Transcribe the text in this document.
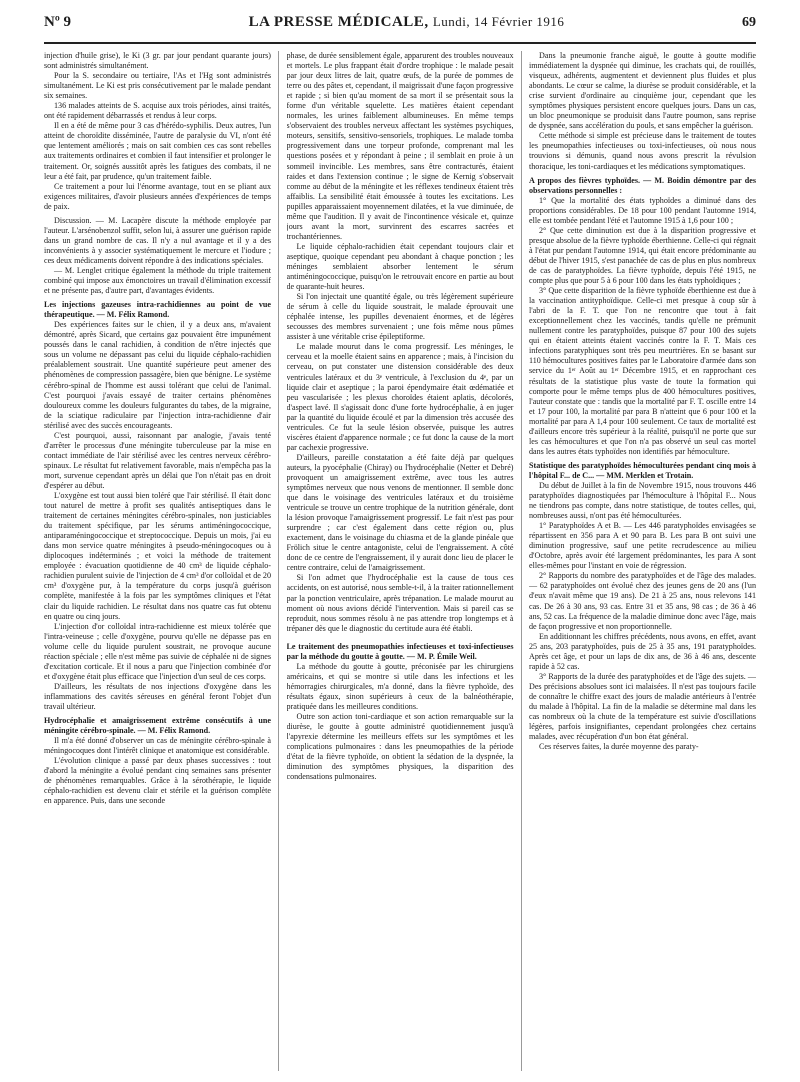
Nº 9	LA PRESSE MÉDICALE, Lundi, 14 Février 1916	69

injection d'huile grise), le Ki (3 gr. par jour pendant quarante jours) sont administrés simultanément.

Pour la S. secondaire ou tertiaire, l'As et l'Hg sont administrés simultanément. Le Ki est pris consécutivement par le malade pendant six semaines.

136 malades atteints de S. acquise aux trois périodes, ainsi traités, ont été rapidement débarrassés et rendus à leur corps.

Il en a été de même pour 3 cas d'hérédo-syphilis. Deux autres, l'un atteint de choroïdite disséminée, l'autre de paralysie du VI, n'ont été que lentement améliorés ; mais on sait combien ces cas sont rebelles aux traitements ordinaires et combien il faut intensifier et prolonger le traitement. Or, soignés aussitôt après les fatigues des combats, il ne leur a été fait, par prudence, qu'un traitement faible.

Ce traitement a pour lui l'énorme avantage, tout en se pliant aux exigences militaires, d'avoir plusieurs années d'expériences de temps de paix.

Discussion. — M. Lacapère discute la méthode employée par l'auteur. L'arsénobenzol suffit, selon lui, à assurer une guérison rapide dans un grand nombre de cas. Il n'y a nul avantage et il y a des inconvénients à y associer systématiquement le mercure et l'iodure ; ces deux médicaments doivent répondre à des indications spéciales.

— M. Lenglet critique également la méthode du triple traitement combiné qui impose aux émonctoires un travail d'élimination excessif et ne présente pas, d'autre part, d'avantages évidents.

Les injections gazeuses intra-rachidiennes au point de vue thérapeutique. — M. Félix Ramond.

Des expériences faites sur le chien, il y a deux ans, m'avaient démontré, après Sicard, que certains gaz pouvaient être impunément poussés dans le canal rachidien, à condition de n'être injectés que sous un volume ne dépassant pas celui du liquide céphalo-rachidien préalablement soustrait. Une quantité supérieure peut amener des phénomènes de compression passagère, bien que bénigne. Le système cérébro-spinal de l'homme est aussi tolérant que celui de l'animal. C'est pourquoi j'avais essayé de traiter certains phénomènes douloureux comme les douleurs fulgurantes du tabes, de la migraine, de la sciatique radiculaire par l'injection intra-rachidienne d'air stérilisé avec des succès encourageants.

C'est pourquoi, aussi, raisonnant par analogie, j'avais tenté d'arrêter le processus d'une méningite tuberculeuse par la mise en contact immédiate de l'air stérilisé avec les centres nerveux cérébro-spinaux. Le résultat fut relativement favorable, mais n'empêcha pas la mort, survenue cependant après un délai que l'on n'était pas en droit d'espérer au début.

L'oxygène est tout aussi bien toléré que l'air stérilisé. Il était donc tout naturel de mettre à profit ses qualités antiseptiques dans le traitement de certaines méningites cérébro-spinales, non justiciables du traitement spécifique, par les sérums antiméningococcique, antiparaméningococcique et streptococcique. Depuis un mois, j'ai eu dans mon service quatre méningites à pseudo-méningocoques ou à diplocoques indéterminés ; et voici la méthode de traitement employée : évacuation quotidienne de 40 cm³ de liquide céphalo-rachidien purulent suivie de l'injection de 4 cm³ d'or colloïdal et de 20 cm³ d'oxygène pur, à la température du corps jusqu'à guérison complète, manifestée à la fois par les symptômes cliniques et l'état clair du liquide rachidien. Le résultat dans nos quatre cas fut obtenu en quatre ou cinq jours.

L'injection d'or colloïdal intra-rachidienne est mieux tolérée que l'intra-veineuse ; celle d'oxygène, pourvu qu'elle ne dépasse pas en volume celle du liquide purulent soustrait, ne provoque aucune réaction spéciale ; elle n'est même pas suivie de céphalée ni de signes d'excitation corticale. Et il nous a paru que l'injection combinée d'or et d'oxygène était plus efficace que l'injection d'un seul de ces corps.

D'ailleurs, les résultats de nos injections d'oxygène dans les inflammations des cavités séreuses en général feront l'objet d'un travail ultérieur.

Hydrocéphalie et amaigrissement extrême consécutifs à une méningite cérébro-spinale. — M. Félix Ramond.

Il m'a été donné d'observer un cas de méningite cérébro-spinale à méningocoques dont l'intérêt clinique et anatomique est considérable.

L'évolution clinique a passé par deux phases successives : tout d'abord la méningite a évolué pendant cinq semaines sans présenter de phénomènes remarquables. Grâce à la sérothérapie, le liquide céphalo-rachidien est devenu clair et stérile et la guérison complète en apparence. Puis, dans une seconde

phase, de durée sensiblement égale, apparurent des troubles nouveaux et mortels. Le plus frappant était d'ordre trophique : le malade pesait par jour deux litres de lait, quatre œufs, de la purée de pommes de terre ou des pâtes et, cependant, il maigrissait d'une façon progressive et rapide ; si bien qu'au moment de sa mort il se présentait sous la forme d'un véritable squelette. Les matières étaient cependant normales, les urines faiblement albumineuses. En même temps s'observaient des troubles nerveux affectant les systèmes psychiques, moteurs, sensitifs, sensitivo-sensoriels, trophiques. Le malade tomba progressivement dans une torpeur profonde, comprenant mal les questions posées et y répondant à peine ; il semblait en proie à un sommeil invincible. Les membres, sans être contracturés, étaient raides et dans l'extension continue ; le signe de Kernig s'observait comme au début de la méningite et les réflexes tendineux étaient très affaiblis. La sensibilité était émoussée à toutes les excitations. Les pupilles apparaissaient moyennement dilatées, et la vue diminuée, de même que l'audition. Il y avait de l'incontinence vésicale et, quinze jours avant la mort, survinrent des escarres sacrées et trochantériennes.

Le liquide céphalo-rachidien était cependant toujours clair et aseptique, quoique cependant peu abondant à chaque ponction ; les méninges semblaient absorber lentement le sérum antiméningococcique, puisqu'on le retrouvait encore en partie au bout de quarante-huit heures.

Si l'on injectait une quantité égale, ou très légèrement supérieure de sérum à celle du liquide soustrait, le malade éprouvait une céphalée intense, les pupilles devenaient énormes, et de légères secousses des membres survenaient ; une fois même nous pûmes assister à une véritable crise épileptiforme.

Le malade mourut dans le coma progressif. Les méninges, le cerveau et la moelle étaient sains en apparence ; mais, à l'incision du cerveau, on put constater une distension considérable des deux ventricules latéraux et du 3ᵉ ventricule, à l'exclusion du 4ᵉ, par un liquide clair et aseptique ; la paroi épendymaire était œdématiée et peu vascularisée ; les plexus choroïdes étaient aplatis, décolorés, d'aspect lavé. Il s'agissait donc d'une forte hydrocéphalie, à en juger par la quantité du liquide écoulé et par la dimension très accusée des ventricules. Ce fut la seule lésion observée, puisque les autres viscères étaient d'apparence normale ; ce fut donc la cause de la mort par cachexie progressive.

D'ailleurs, pareille constatation a été faite déjà par quelques auteurs, la pyocéphalie (Chiray) ou l'hydrocéphalie (Netter et Debré) provoquent un amaigrissement extrême, avec tous les autres symptômes nerveux que nous venons de mentionner. Il semble donc que dans le voisinage des ventricules latéraux et du troisième ventricule se trouve un centre trophique de la nutrition générale, dont la lésion provoque l'amaigrissement progressif. Le fait n'est pas pour surprendre ; car c'est également dans cette région ou, plus exactement, dans le voisinage du chiasma et de la glande pinéale que Frölich situe le centre antagoniste, celui de l'engraissement. A côté donc de ce centre de l'engraissement, il y aurait donc lieu de placer le centre contraire, celui de l'amaigrissement.

Si l'on admet que l'hydrocéphalie est la cause de tous ces accidents, on est autorisé, nous semble-t-il, à la traiter rationnellement par la ponction ventriculaire, après trépanation. Le malade mourut au moment où nous avions décidé l'intervention. Mais si pareil cas se reproduit, nous sommes résolu à ne pas attendre trop longtemps et à trépaner dès que le diagnostic du certitude aura été établi.

Le traitement des pneumopathies infectieuses et toxi-infectieuses par la méthode du goutte à goutte. — M. P. Émile Weil.

La méthode du goutte à goutte, préconisée par les chirurgiens américains, et qui se montre si utile dans les infections et les hémorragies chirurgicales, m'a donné, dans la fièvre typhoïde, des résultats égaux, sinon supérieurs à ceux de la balnéothérapie, pratiquée dans les meilleures conditions.

Outre son action toni-cardiaque et son action remarquable sur la diurèse, le goutte à goutte administré quotidiennement jusqu'à l'apyrexie détermine les meilleurs effets sur les symptômes et les complications pulmonaires : dans les pneumopathies de la période d'état de la fièvre typhoïde, on obtient la sédation de la dyspnée, la diminution des symptômes physiques, la disparition des condensations pulmonaires.

Dans la pneumonie franche aiguë, le goutte à goutte modifie immédiatement la dyspnée qui diminue, les crachats qui, de rouillés, visqueux, adhérents, augmentent et deviennent plus fluides et plus abondants. Le cœur se calme, la diurèse se produit considérable, et la crise survient d'ordinaire au cinquième jour, cependant que les symptômes physiques persistent encore quelques jours. Dans un cas, un bloc pneumonique se produisit dans l'autre poumon, sans reprise de dyspnée, sans accélération du pouls, et sans empêcher la guérison.

Cette méthode si simple est précieuse dans le traitement de toutes les pneumopathies infectieuses ou toxi-infectieuses, où nous nous trouvions si démunis, quand nous avons prescrit la révulsion thoracique, les toni-cardiaques et les médications symptomatiques.

A propos des fièvres typhoïdes. — M. Boidin démontre par des observations personnelles :

1° Que la mortalité des états typhoïdes a diminué dans des proportions considérables. De 18 pour 100 pendant l'automne 1914, elle est tombée pendant l'été et l'automne 1915 à 1,6 pour 100 ;

2° Que cette diminution est due à la disparition progressive et presque absolue de la fièvre typhoïde éberthienne. Celle-ci qui régnait à l'état pur pendant l'automne 1914, qui était encore prédominante au début de l'hiver 1915, s'est panachée de cas de plus en plus nombreux de cas de paratyphoïdes. La fièvre typhoïde, depuis l'été 1915, ne compte plus que pour 5 à 6 pour 100 dans les états typhoïdiques ;

3° Que cette disparition de la fièvre typhoïde éberthienne est due à la vaccination antityphoïdique. Celle-ci met presque à coup sûr à l'abri de la F. T. que l'on ne rencontre que tout à fait exceptionnellement chez les vaccinés, tandis qu'elle ne prémunit nullement contre les paratyphoïdes, puisque 87 pour 100 des sujets qui en étaient atteints étaient vaccinés contre la F. T. Mais ces infections paratyphiques sont très peu meurtrières. En se basant sur 110 hémocultures positives faites par le Laboratoire d'armée dans son service du 1ᵉʳ Août au 1ᵉʳ Décembre 1915, et en rapprochant ces résultats de la statistique plus vaste de toute la formation qui comporte pour le même temps plus de 400 hémocultures positives, l'auteur constate que : tandis que la mortalité par F. T. oscille entre 14 et 17 pour 100, la mortalité par para B n'atteint que 6 pour 100 et la mortalité par para A 1,4 pour 100 seulement. Ce taux de mortalité est d'ailleurs encore très supérieur à la réalité, puisqu'il ne porte que sur les cas hémocultures et que l'on n'a pas observé un seul cas mortel dans les autres états typhoïdes non identifiés par hémoculture.

Statistique des paratyphoïdes hémoculturées pendant cinq mois à l'hôpital F... de C... — MM. Merklen et Trotain.

Du début de Juillet à la fin de Novembre 1915, nous trouvons 446 paratyphoïdes diagnostiquées par l'hémoculture à l'hôpital F... Nous ne tiendrons pas compte, dans notre statistique, de toutes celles, qui, nombreuses aussi, n'ont pas été hémoculturées.

1° Paratyphoïdes A et B. — Les 446 paratyphoïdes envisagées se répartissent en 356 para A et 90 para B. Les para B ont suivi une diminution progressive, sauf une petite recrudescence au milieu d'Octobre, après avoir été largement prédominantes, les para A sont elles-mêmes pour l'instant en voie de régression.

2° Rapports du nombre des paratyphoïdes et de l'âge des malades. — 62 paratyphoïdes ont évolué chez des jeunes gens de 20 ans (l'un d'eux n'avait même que 19 ans). De 21 à 25 ans, nous relevons 141 cas. De 26 à 30 ans, 93 cas. Entre 31 et 35 ans, 98 cas ; de 36 à 46 ans, 52 cas. La fréquence de la maladie diminue donc avec l'âge, mais de façon progressive et non proportionnelle.

En additionnant les chiffres précédents, nous avons, en effet, avant 25 ans, 203 paratyphoïdes, puis de 25 à 35 ans, 191 paratyphoïdes. Après cet âge, et pour un laps de dix ans, de 36 à 46 ans, descente rapide à 52 cas.

3° Rapports de la durée des paratyphoïdes et de l'âge des sujets. — Des précisions absolues sont ici malaisées. Il n'est pas toujours facile de connaître le chiffre exact des jours de maladie antérieurs à l'entrée du malade à l'hôpital. La fin de la maladie se détermine mal dans les cas nombreux où la chute de la température est suivie d'oscillations légères, parfois insignifiantes, cependant prolongées chez certains malades, avec récupération d'un bon état général.

Ces réserves faites, la durée moyenne des paraty-
